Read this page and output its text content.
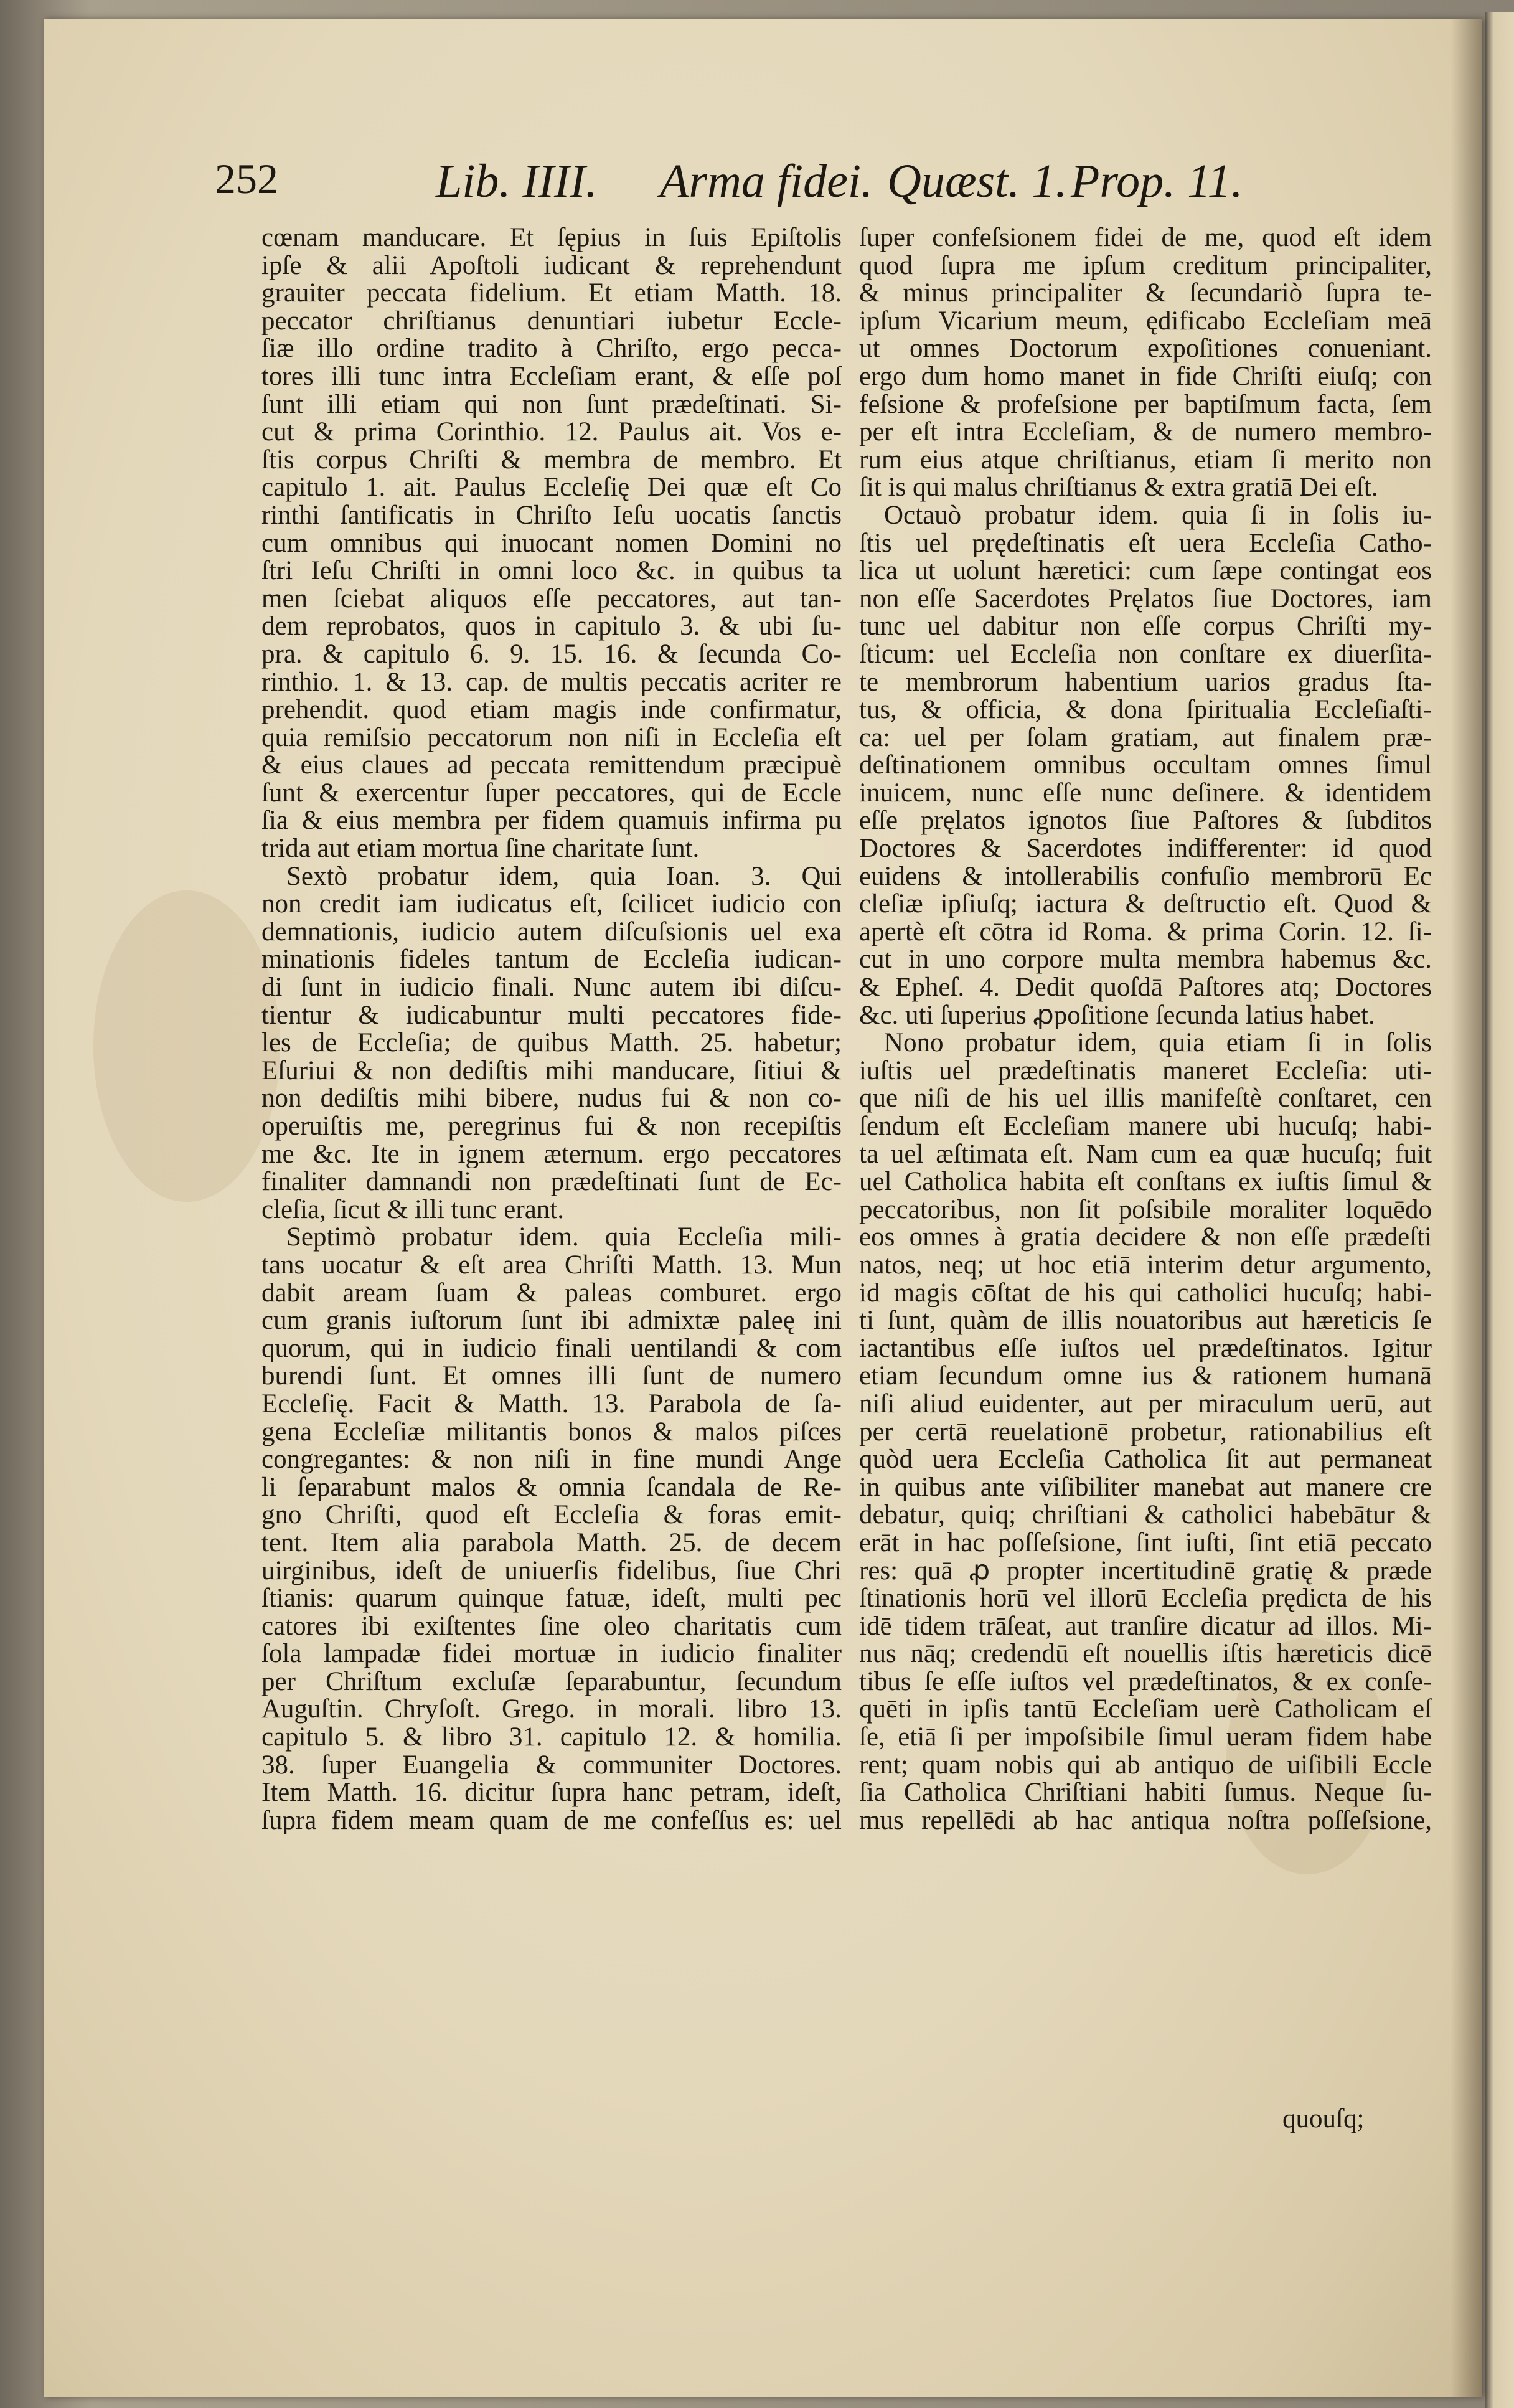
252	Lib. IIII. Arma fidei. Quæst. 1. Prop. 11.
cœnam manducare. Et ſępius in ſuis Epiſtolis
ipſe & alii Apoſtoli iudicant & reprehendunt
grauiter peccata fidelium. Et etiam Matth. 18.
peccator chriſtianus denuntiari iubetur Eccle-
ſiæ illo ordine tradito à Chriſto, ergo pecca-
tores illi tunc intra Eccleſiam erant, & eſſe poſ
ſunt illi etiam qui non ſunt prædeſtinati. Si-
cut & prima Corinthio. 12. Paulus ait. Vos e-
ſtis corpus Chriſti & membra de membro. Et
capitulo 1. ait. Paulus Eccleſię Dei quæ eſt Co
rinthi ſantificatis in Chriſto Ieſu uocatis ſanctis
cum omnibus qui inuocant nomen Domini no
ſtri Ieſu Chriſti in omni loco &c. in quibus ta
men ſciebat aliquos eſſe peccatores, aut tan-
dem reprobatos, quos in capitulo 3. & ubi ſu-
pra. & capitulo 6. 9. 15. 16. & ſecunda Co-
rinthio. 1. & 13. cap. de multis peccatis acriter re
prehendit. quod etiam magis inde confirmatur,
quia remiſsio peccatorum non niſi in Eccleſia eſt
& eius claues ad peccata remittendum præcipuè
ſunt & exercentur ſuper peccatores, qui de Eccle
ſia & eius membra per fidem quamuis infirma pu
trida aut etiam mortua ſine charitate ſunt.
Sextò probatur idem, quia Ioan. 3. Qui
non credit iam iudicatus eſt, ſcilicet iudicio con
demnationis, iudicio autem diſcuſsionis uel exa
minationis fideles tantum de Eccleſia iudican-
di ſunt in iudicio finali. Nunc autem ibi diſcu-
tientur & iudicabuntur multi peccatores fide-
les de Eccleſia; de quibus Matth. 25. habetur;
Eſuriui & non dediſtis mihi manducare, ſitiui &
non dediſtis mihi bibere, nudus fui & non co-
operuiſtis me, peregrinus fui & non recepiſtis
me &c. Ite in ignem æternum. ergo peccatores
finaliter damnandi non prædeſtinati ſunt de Ec-
cleſia, ſicut & illi tunc erant.
Septimò probatur idem. quia Eccleſia mili-
tans uocatur & eſt area Chriſti Matth. 13. Mun
dabit aream ſuam & paleas comburet. ergo
cum granis iuſtorum ſunt ibi admixtæ paleę ini
quorum, qui in iudicio finali uentilandi & com
burendi ſunt. Et omnes illi ſunt de numero
Eccleſię. Facit & Matth. 13. Parabola de ſa-
gena Eccleſiæ militantis bonos & malos piſces
congregantes: & non niſi in fine mundi Ange
li ſeparabunt malos & omnia ſcandala de Re-
gno Chriſti, quod eſt Eccleſia & foras emit-
tent. Item alia parabola Matth. 25. de decem
uirginibus, ideſt de uniuerſis fidelibus, ſiue Chri
ſtianis: quarum quinque fatuæ, ideſt, multi pec
catores ibi exiſtentes ſine oleo charitatis cum
ſola lampadæ fidei mortuæ in iudicio finaliter
per Chriſtum excluſæ ſeparabuntur, ſecundum
Auguſtin. Chryſoſt. Grego. in morali. libro 13.
capitulo 5. & libro 31. capitulo 12. & homilia.
38. ſuper Euangelia & communiter Doctores.
Item Matth. 16. dicitur ſupra hanc petram, ideſt,
ſupra fidem meam quam de me confeſſus es: uel
ſuper confeſsionem fidei de me, quod eſt idem
quod ſupra me ipſum creditum principaliter,
& minus principaliter & ſecundariò ſupra te-
ipſum Vicarium meum, ędificabo Eccleſiam meā
ut omnes Doctorum expoſitiones conueniant.
ergo dum homo manet in fide Chriſti eiuſq; con
feſsione & profeſsione per baptiſmum facta, ſem
per eſt intra Eccleſiam, & de numero membro-
rum eius atque chriſtianus, etiam ſi merito non
ſit is qui malus chriſtianus & extra gratiā Dei eſt.
Octauò probatur idem. quia ſi in ſolis iu-
ſtis uel prędeſtinatis eſt uera Eccleſia Catho-
lica ut uolunt hæretici: cum ſæpe contingat eos
non eſſe Sacerdotes Pręlatos ſiue Doctores, iam
tunc uel dabitur non eſſe corpus Chriſti my-
ſticum: uel Eccleſia non conſtare ex diuerſita-
te membrorum habentium uarios gradus ſta-
tus, & officia, & dona ſpiritualia Eccleſiaſti-
ca: uel per ſolam gratiam, aut finalem præ-
deſtinationem omnibus occultam omnes ſimul
inuicem, nunc eſſe nunc deſinere. & identidem
eſſe pręlatos ignotos ſiue Paſtores & ſubditos
Doctores & Sacerdotes indifferenter: id quod
euidens & intollerabilis confuſio membrorū Ec
cleſiæ ipſiuſq; iactura & deſtructio eſt. Quod &
apertè eſt cōtra id Roma. & prima Corin. 12. ſi-
cut in uno corpore multa membra habemus &c.
& Epheſ. 4. Dedit quoſdā Paſtores atq; Doctores
&c. uti ſuperius ꝓpoſitione ſecunda latius habet.
Nono probatur idem, quia etiam ſi in ſolis
iuſtis uel prædeſtinatis maneret Eccleſia: uti-
que niſi de his uel illis manifeſtè conſtaret, cen
ſendum eſt Eccleſiam manere ubi hucuſq; habi-
ta uel æſtimata eſt. Nam cum ea quæ hucuſq; fuit
uel Catholica habita eſt conſtans ex iuſtis ſimul &
peccatoribus, non ſit poſsibile moraliter loquēdo
eos omnes à gratia decidere & non eſſe prædeſti
natos, neq; ut hoc etiā interim detur argumento,
id magis cōſtat de his qui catholici hucuſq; habi-
ti ſunt, quàm de illis nouatoribus aut hæreticis ſe
iactantibus eſſe iuſtos uel prædeſtinatos. Igitur
etiam ſecundum omne ius & rationem humanā
niſi aliud euidenter, aut per miraculum uerū, aut
per certā reuelationē probetur, rationabilius eſt
quòd uera Eccleſia Catholica ſit aut permaneat
in quibus ante viſibiliter manebat aut manere cre
debatur, quiq; chriſtiani & catholici habebātur &
erāt in hac poſſeſsione, ſint iuſti, ſint etiā peccato
res: quā ꝓ propter incertitudinē gratię & præde
ſtinationis horū vel illorū Eccleſia prędicta de his
idē tidem trāſeat, aut tranſire dicatur ad illos. Mi-
nus nāq; credendū eſt nouellis iſtis hæreticis dicē
tibus ſe eſſe iuſtos vel prædeſtinatos, & ex conſe-
quēti in ipſis tantū Eccleſiam uerè Catholicam eſ
ſe, etiā ſi per impoſsibile ſimul ueram fidem habe
rent; quam nobis qui ab antiquo de uiſibili Eccle
ſia Catholica Chriſtiani habiti ſumus. Neque ſu-
mus repellēdi ab hac antiqua noſtra poſſeſsione,
quouſq;
